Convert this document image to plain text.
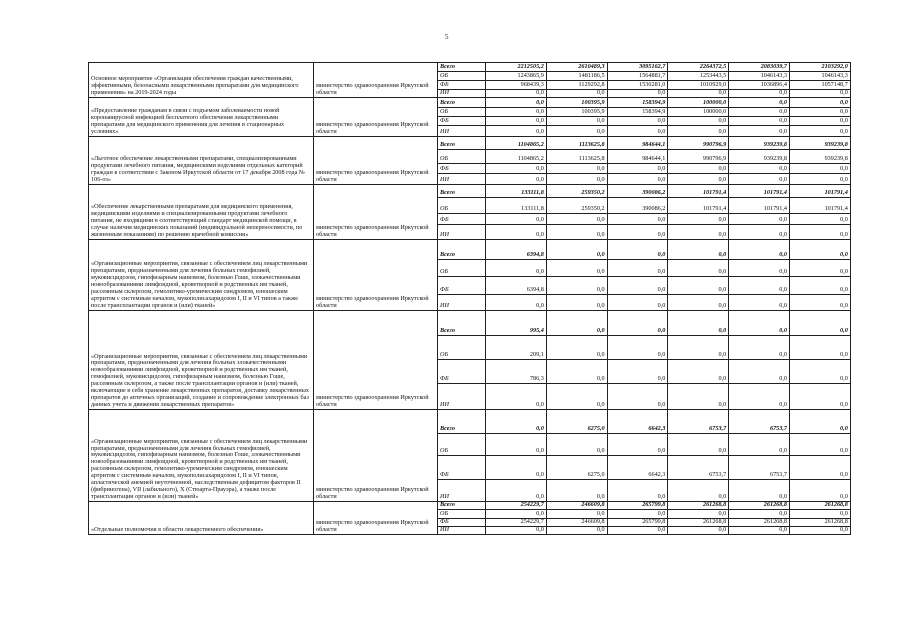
5
Основное мероприятие «Организация обеспечения граждан качественными, эффективными, безопасными лекарственными препаратами для медицинского применения» на 2019-2024 годы	министерство здравоохранения Иркутской области	Всего	2212505,2	2610489,3	3095162,7	2264372,5	2083039,7	2103292,0
		ОБ	1243865,9	1481186,5	1564881,7	1253443,5	1046143,3	1046143,3
		ФБ	968439,3	1129292,8	1530281,0	1010929,0	1036896,4	1057148,7
		ИИ	0,0	0,0	0,0	0,0	0,0	0,0
«Предоставление гражданам в связи с подъемом заболеваемости новой коронавирусной инфекцией бесплатного обеспечения лекарственными препаратами для медицинского применения для лечения в стационарных условиях»	министерство здравоохранения Иркутской области	Всего	0,0	100395,9	158394,9	100000,0	0,0	0,0
		ОБ	0,0	100395,9	158394,9	100000,0	0,0	0,0
		ФБ	0,0	0,0	0,0	0,0	0,0	0,0
		ИИ	0,0	0,0	0,0	0,0	0,0	0,0
«Льготное обеспечение лекарственными препаратами, специализированными продуктами лечебного питания, медицинскими изделиями отдельных категорий граждан в соответствии с Законом Иркутской области от 17 декабря 2008 года № 106-оз»	министерство здравоохранения Иркутской области	Всего	1104865,2	1113625,8	984644,1	990796,9	939239,8	939239,8
		ОБ	1104865,2	1113625,8	984644,1	990796,9	939239,8	939239,8
		ФБ	0,0	0,0	0,0	0,0	0,0	0,0
		ИИ	0,0	0,0	0,0	0,0	0,0	0,0
«Обеспечение лекарственными препаратами для медицинского применения, медицинскими изделиями и специализированными продуктами лечебного питания, не входящими в соответствующий стандарт медицинской помощи, в случае наличия медицинских показаний (индивидуальной непереносимости, по жизненным показаниям) по решению врачебной комиссии»	министерство здравоохранения Иркутской области	Всего	133111,8	259350,2	390086,2	101791,4	101791,4	101791,4
		ОБ	133111,8	259350,2	390086,2	101791,4	101791,4	101791,4
		ФБ	0,0	0,0	0,0	0,0	0,0	0,0
		ИИ	0,0	0,0	0,0	0,0	0,0	0,0
«Организационные мероприятия, связанные с обеспечением лиц лекарственными препаратами, предназначенными для лечения больных гемофилией, муковисцидозом, гипофизарным нанизмом, болезнью Гоше, злокачественными новообразованиями лимфоидной, кроветворной и родственных им тканей, рассеянным склерозом, гемолитико-уремическим синдромом, юношеским артритом с системным началом, мукополисахаридозом I, II и VI типов а также после трансплантации органов и (или) тканей»	министерство здравоохранения Иркутской области	Всего	6394,8	0,0	0,0	0,0	0,0	0,0
		ОБ	0,0	0,0	0,0	0,0	0,0	0,0
		ФБ	6394,8	0,0	0,0	0,0	0,0	0,0
		ИИ	0,0	0,0	0,0	0,0	0,0	0,0
«Организационные мероприятия, связанные с обеспечением лиц лекарственными препаратами, предназначенными для лечения больных злокачественными новообразованиями лимфоидной, кроветворной и родственных им тканей, гемофилией, муковисцидозом, гипофизарным нанизмом, болезнью Гоше, рассеянным склерозом, а также после трансплантации органов и (или) тканей, включающие в себя хранение лекарственных препаратов, доставку лекарственных препаратов до аптечных организаций, создание и сопровождение электронных баз данных учета и движения лекарственных препаратов»	министерство здравоохранения Иркутской области	Всего	995,4	0,0	0,0	0,0	0,0	0,0
		ОБ	209,1	0,0	0,0	0,0	0,0	0,0
		ФБ	786,3	0,0	0,0	0,0	0,0	0,0
		ИИ	0,0	0,0	0,0	0,0	0,0	0,0
«Организационные мероприятия, связанные с обеспечением лиц лекарственными препаратами, предназначенными для лечения больных гемофилией, муковисцидозом, гипофизарным нанизмом, болезнью Гоше, злокачественными новообразованиями лимфоидной, кроветворной и родственных им тканей, рассеянным склерозом, гемолитико-уремическим синдромом, юношеским артритом с системным началом, мукополисахаридозом I, II и VI типов, апластической анемией неуточненной, наследственным дефицитом факторов II (фибриногена), VII (лабильного), X (Стюарта-Прауэра), а также после трансплантации органов и (или) тканей»	министерство здравоохранения Иркутской области	Всего	0,0	6275,0	6642,3	6753,7	6753,7	0,0
		ОБ	0,0	0,0	0,0	0,0	0,0	0,0
		ФБ	0,0	6275,0	6642,3	6753,7	6753,7	0,0
		ИИ	0,0	0,0	0,0	0,0	0,0	0,0
«Отдельные полномочия в области лекарственного обеспечения»	министерство здравоохранения Иркутской области	Всего	254229,7	246609,8	265799,8	261268,8	261268,8	261268,8
		ОБ	0,0	0,0	0,0	0,0	0,0	0,0
		ФБ	254229,7	246609,8	265799,8	261268,8	261268,8	261268,8
		ИИ	0,0	0,0	0,0	0,0	0,0	0,0
